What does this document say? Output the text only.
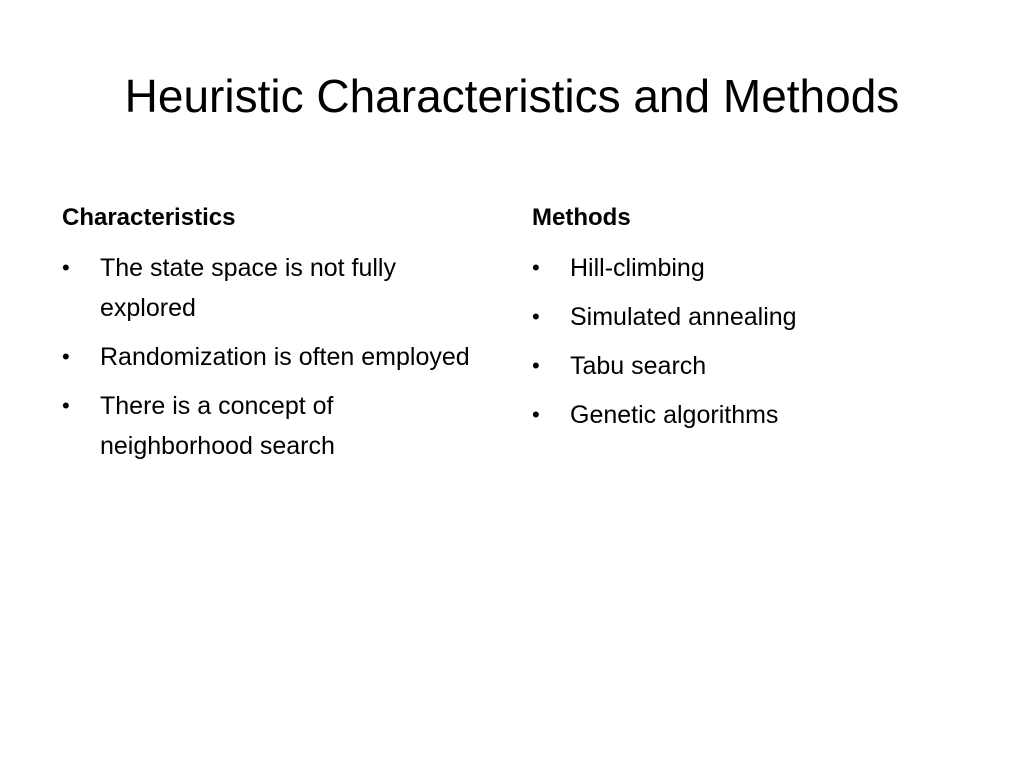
Heuristic Characteristics and Methods
Characteristics
•	The state space is not fully explored
•	Randomization is often employed
•	There is a concept of neighborhood search
Methods
•	Hill-climbing
•	Simulated annealing
•	Tabu search
•	Genetic algorithms
